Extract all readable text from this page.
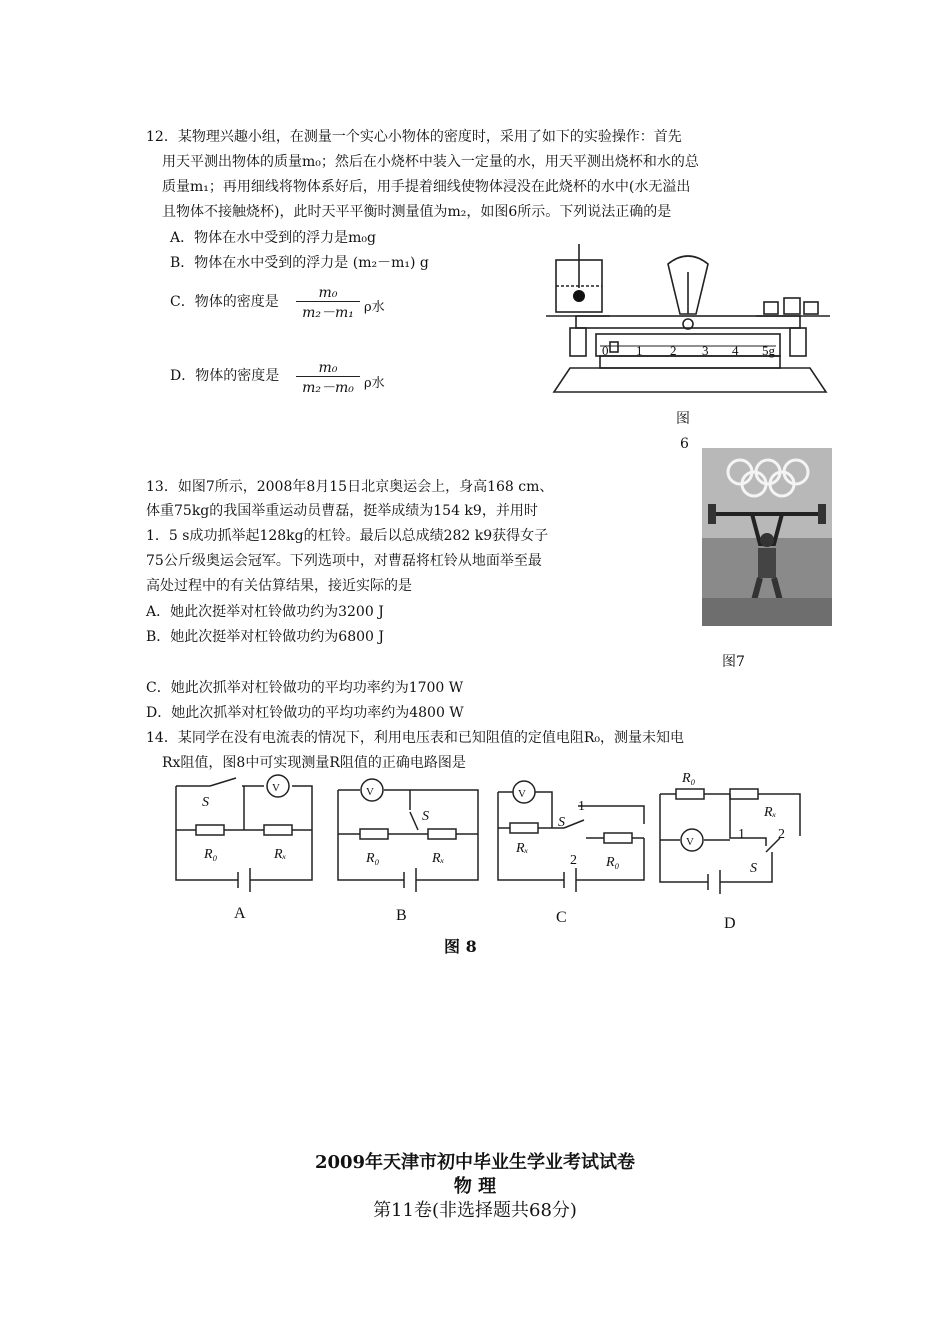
12．某物理兴趣小组，在测量一个实心小物体的密度时，采用了如下的实验操作：首先
用天平测出物体的质量m₀；然后在小烧杯中装入一定量的水，用天平测出烧杯和水的总
质量m₁；再用细线将物体系好后，用手提着细线使物体浸没在此烧杯的水中(水无溢出
且物体不接触烧杯)，此时天平平衡时测量值为m₂，如图6所示。下列说法正确的是
A．物体在水中受到的浮力是m₀g
B．物体在水中受到的浮力是 (m₂－m₁) g
C．物体的密度是 $\frac{\text{m₀}}{\text{m₂－m₁}}$ ρ水
D．物体的密度是 $\frac{\text{m₀}}{\text{m₂－m₀}}$ ρ水
0 1 2 3 4 5g
图
6
13．如图7所示，2008年8月15日北京奥运会上，身高168 cm、
体重75kg的我国举重运动员曹磊，挺举成绩为154 k9，并用时
1．5 s成功抓举起128kg的杠铃。最后以总成绩282 k9获得女子
75公斤级奥运会冠军。下列选项中，对曹磊将杠铃从地面举至最
高处过程中的有关估算结果，接近实际的是
A．她此次挺举对杠铃做功约为3200 J
B．她此次挺举对杠铃做功约为6800 J
C．她此次抓举对杠铃做功的平均功率约为1700 W
D．她此次抓举对杠铃做功的平均功率约为4800 W
图7
14．某同学在没有电流表的情况下，利用电压表和已知阻值的定值电阻R₀，测量未知电
Rx阻值，图8中可实现测量R阻值的正确电路图是
S
V
R₀	Rₓ
V
S
R₀	Rₓ
V
S
1
2
Rₓ
R₀
R₀
Rₓ
V	1 2
S
A	B	C	D
图 8
2009年天津市初中毕业生学业考试试卷
物 理
第11卷(非选择题共68分)
